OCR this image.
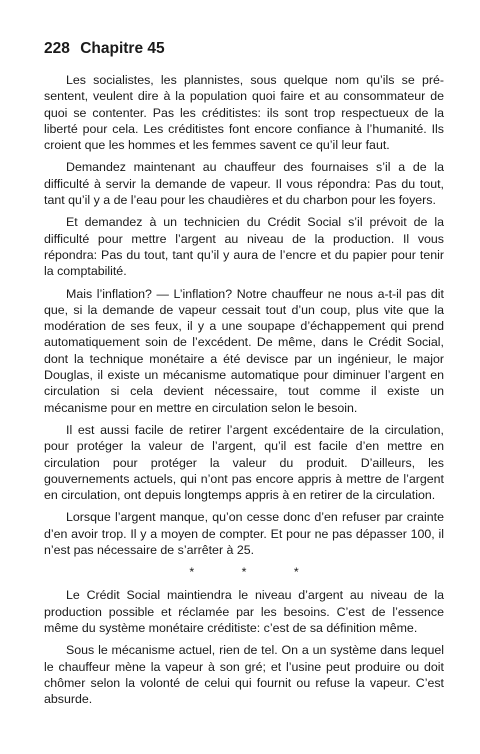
228 Chapitre 45

Les socialistes, les plannistes, sous quelque nom qu’ils se présentent, veulent dire à la population quoi faire et au consommateur de quoi se contenter. Pas les créditistes: ils sont trop respectueux de la liberté pour cela. Les créditistes font encore confiance à l’humanité. Ils croient que les hommes et les femmes savent ce qu’il leur faut.

Demandez maintenant au chauffeur des fournaises s’il a de la difficulté à servir la demande de vapeur. Il vous répondra: Pas du tout, tant qu’il y a de l’eau pour les chaudières et du charbon pour les foyers.

Et demandez à un technicien du Crédit Social s’il prévoit de la difficulté pour mettre l’argent au niveau de la production. Il vous répondra: Pas du tout, tant qu’il y aura de l’encre et du papier pour tenir la comptabilité.

Mais l’inflation? — L’inflation? Notre chauffeur ne nous a-t-il pas dit que, si la demande de vapeur cessait tout d’un coup, plus vite que la modération de ses feux, il y a une soupape d’échappement qui prend automatiquement soin de l’excédent. De même, dans le Crédit Social, dont la technique monétaire a été devisce par un ingénieur, le major Douglas, il existe un mécanisme automatique pour diminuer l’argent en circulation si cela devient nécessaire, tout comme il existe un mécanisme pour en mettre en circulation selon le besoin.

Il est aussi facile de retirer l’argent excédentaire de la circulation, pour protéger la valeur de l’argent, qu’il est facile d’en mettre en circulation pour protéger la valeur du produit. D’ailleurs, les gouvernements actuels, qui n’ont pas encore appris à mettre de l’argent en circulation, ont depuis longtemps appris à en retirer de la circulation.

Lorsque l’argent manque, qu’on cesse donc d’en refuser par crainte d’en avoir trop. Il y a moyen de compter. Et pour ne pas dépasser 100, il n’est pas nécessaire de s’arrêter à 25.

* * *

Le Crédit Social maintiendra le niveau d’argent au niveau de la production possible et réclamée par les besoins. C’est de l’essence même du système monétaire créditiste: c’est de sa définition même.

Sous le mécanisme actuel, rien de tel. On a un système dans lequel le chauffeur mène la vapeur à son gré; et l’usine peut produire ou doit chômer selon la volonté de celui qui fournit ou refuse la vapeur. C’est absurde.
